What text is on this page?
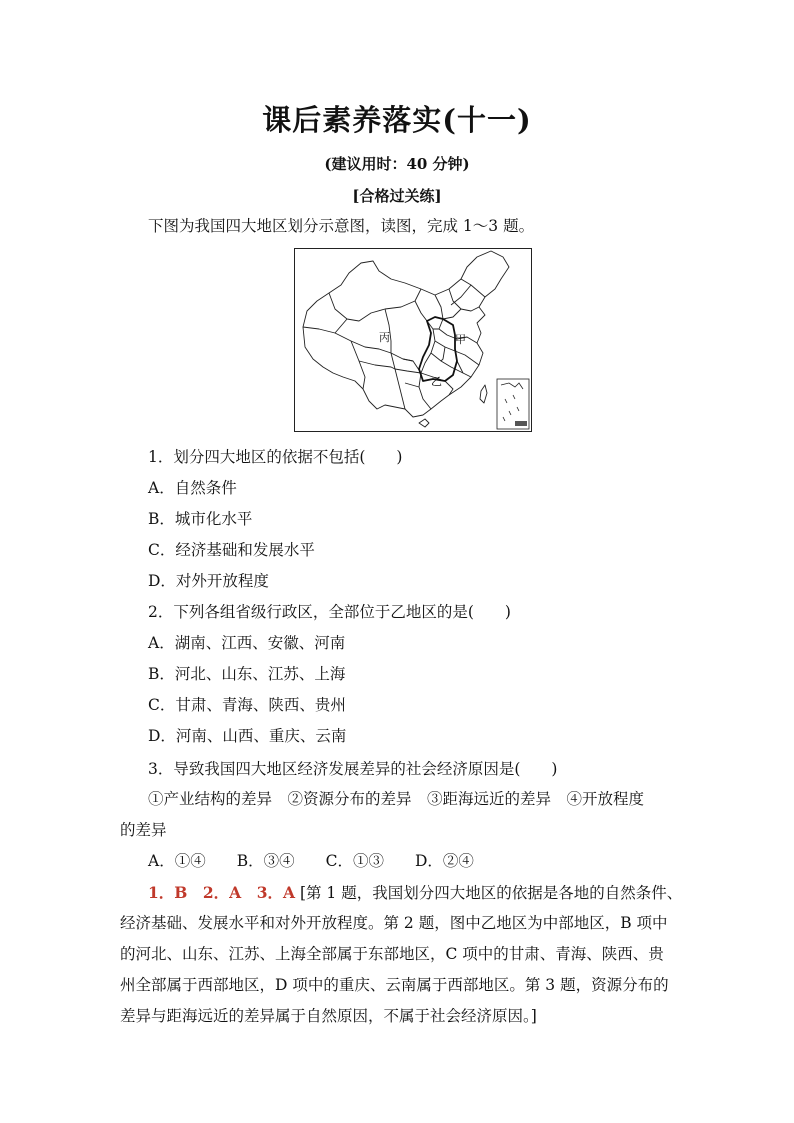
课后素养落实(十一)
(建议用时：40 分钟)
[合格过关练]
下图为我国四大地区划分示意图，读图，完成 1～3 题。
丙	甲
乙
1．划分四大地区的依据不包括(　　)
A．自然条件
B．城市化水平
C．经济基础和发展水平
D．对外开放程度
2．下列各组省级行政区，全部位于乙地区的是(　　)
A．湖南、江西、安徽、河南
B．河北、山东、江苏、上海
C．甘肃、青海、陕西、贵州
D．河南、山西、重庆、云南
3．导致我国四大地区经济发展差异的社会经济原因是(　　)
①产业结构的差异　②资源分布的差异　③距海远近的差异　④开放程度
的差异
A．①④　　B．③④　　C．①③　　D．②④
1．B　2．A　3．A [第 1 题，我国划分四大地区的依据是各地的自然条件、
经济基础、发展水平和对外开放程度。第 2 题，图中乙地区为中部地区，B 项中
的河北、山东、江苏、上海全部属于东部地区，C 项中的甘肃、青海、陕西、贵
州全部属于西部地区，D 项中的重庆、云南属于西部地区。第 3 题，资源分布的
差异与距海远近的差异属于自然原因，不属于社会经济原因。]
